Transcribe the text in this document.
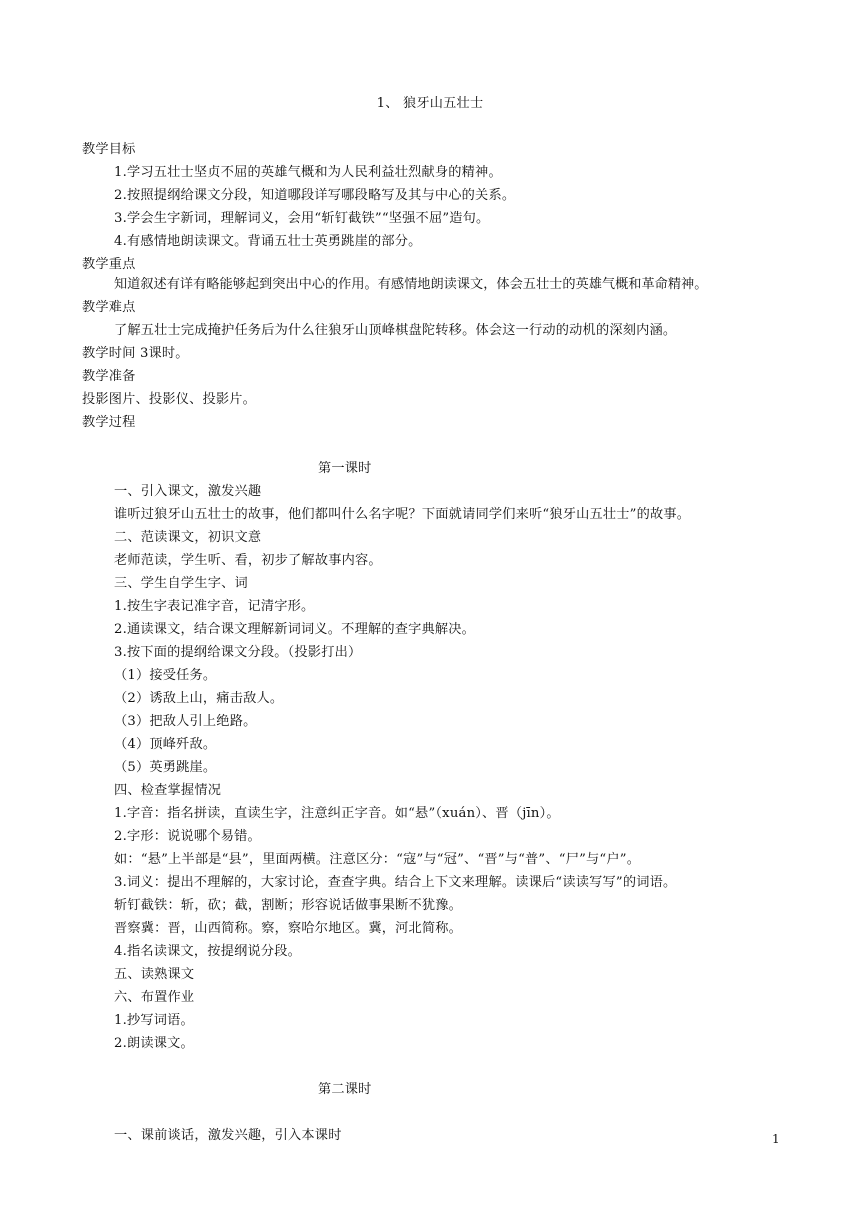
1、 狼牙山五壮士
教学目标
1.学习五壮士坚贞不屈的英雄气概和为人民利益壮烈献身的精神。
2.按照提纲给课文分段，知道哪段详写哪段略写及其与中心的关系。
3.学会生字新词，理解词义，会用“斩钉截铁”“坚强不屈”造句。
4.有感情地朗读课文。背诵五壮士英勇跳崖的部分。
教学重点
知道叙述有详有略能够起到突出中心的作用。有感情地朗读课文，体会五壮士的英雄气概和革命精神。
教学难点
了解五壮士完成掩护任务后为什么往狼牙山顶峰棋盘陀转移。体会这一行动的动机的深刻内涵。
教学时间 3课时。
教学准备
投影图片、投影仪、投影片。
教学过程
第一课时
一、引入课文，激发兴趣
谁听过狼牙山五壮士的故事，他们都叫什么名字呢？下面就请同学们来听“狼牙山五壮士”的故事。
二、范读课文，初识文意
老师范读，学生听、看，初步了解故事内容。
三、学生自学生字、词
1.按生字表记准字音，记清字形。
2.通读课文，结合课文理解新词词义。不理解的查字典解决。
3.按下面的提纲给课文分段。（投影打出）
（1）接受任务。
（2）诱敌上山，痛击敌人。
（3）把敌人引上绝路。
（4）顶峰歼敌。
（5）英勇跳崖。
四、检查掌握情况
1.字音：指名拼读，直读生字，注意纠正字音。如“悬”（xuán）、晋（jīn）。
2.字形：说说哪个易错。
如：“悬”上半部是“县”，里面两横。注意区分：“寇”与“冠”、“晋”与“普”、“尸”与“户”。
3.词义：提出不理解的，大家讨论，查查字典。结合上下文来理解。读课后“读读写写”的词语。
斩钉截铁：斩，砍；截，割断；形容说话做事果断不犹豫。
晋察冀：晋，山西简称。察，察哈尔地区。冀，河北简称。
4.指名读课文，按提纲说分段。
五、读熟课文
六、布置作业
1.抄写词语。
2.朗读课文。
第二课时
一、课前谈话，激发兴趣，引入本课时	1
